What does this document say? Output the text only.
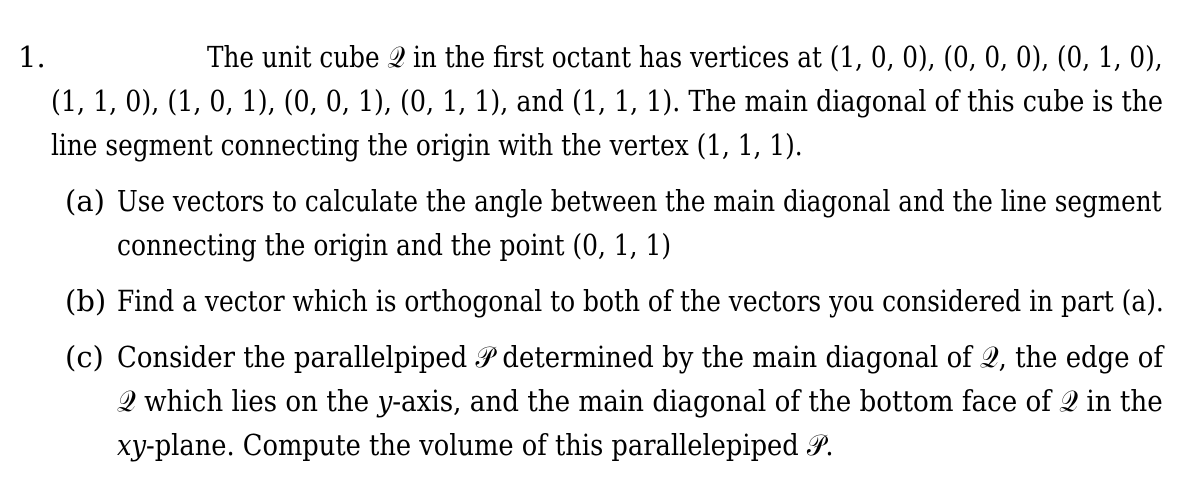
1.	The unit cube 𝒬 in the first octant has vertices at (1, 0, 0), (0, 0, 0), (0, 1, 0),
(1, 1, 0), (1, 0, 1), (0, 0, 1), (0, 1, 1), and (1, 1, 1). The main diagonal of this cube is the
line segment connecting the origin with the vertex (1, 1, 1).
(a) Use vectors to calculate the angle between the main diagonal and the line segment
connecting the origin and the point (0, 1, 1)
(b) Find a vector which is orthogonal to both of the vectors you considered in part (a).
(c) Consider the parallelpiped 𝒫 determined by the main diagonal of 𝒬, the edge of
𝒬 which lies on the 𝑦-axis, and the main diagonal of the bottom face of 𝒬 in the
𝑥𝑦-plane. Compute the volume of this parallelepiped 𝒫.
